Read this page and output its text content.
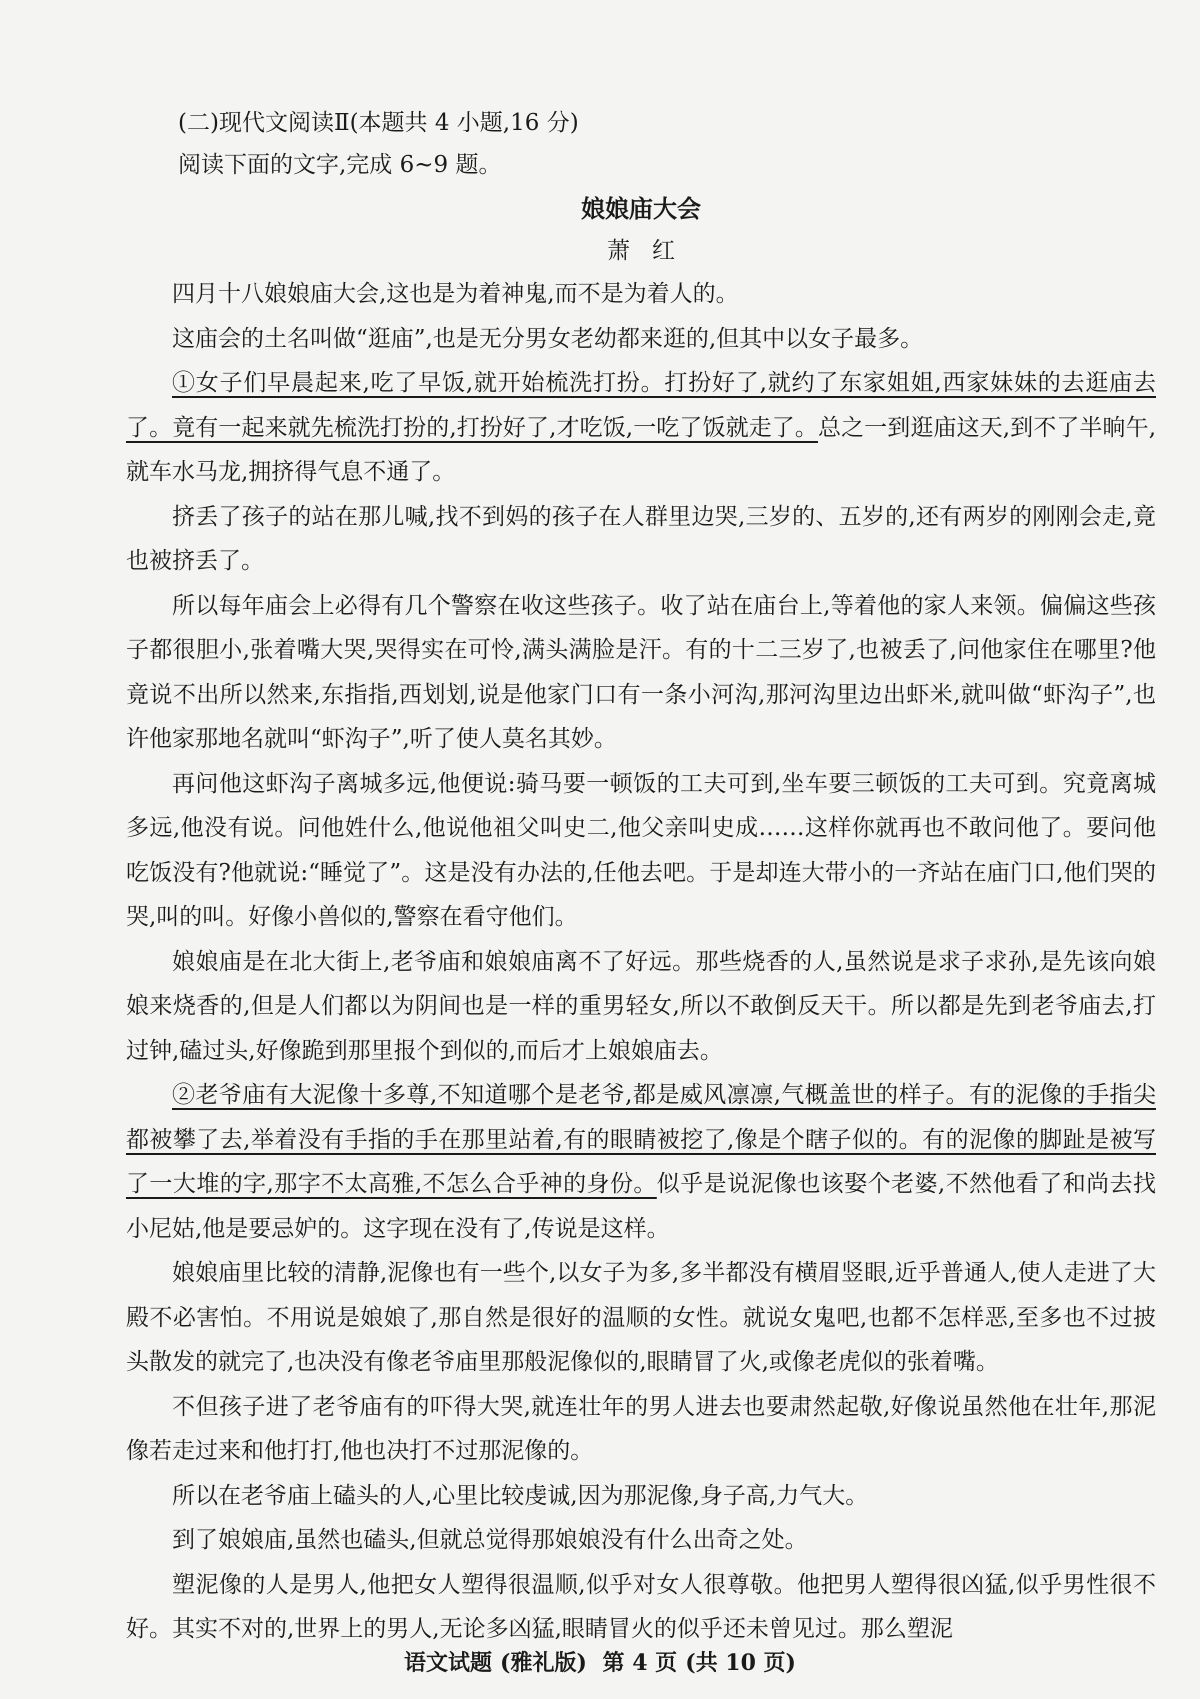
(二)现代文阅读Ⅱ(本题共 4 小题,16 分)
阅读下面的文字,完成 6~9 题。
娘娘庙大会
萧红

四月十八娘娘庙大会,这也是为着神鬼,而不是为着人的。

这庙会的土名叫做“逛庙”,也是无分男女老幼都来逛的,但其中以女子最多。

①女子们早晨起来,吃了早饭,就开始梳洗打扮。打扮好了,就约了东家姐姐,西家妹妹的去逛庙去了。竟有一起来就先梳洗打扮的,打扮好了,才吃饭,一吃了饭就走了。总之一到逛庙这天,到不了半晌午,就车水马龙,拥挤得气息不通了。

挤丢了孩子的站在那儿喊,找不到妈的孩子在人群里边哭,三岁的、五岁的,还有两岁的刚刚会走,竟也被挤丢了。

所以每年庙会上必得有几个警察在收这些孩子。收了站在庙台上,等着他的家人来领。偏偏这些孩子都很胆小,张着嘴大哭,哭得实在可怜,满头满脸是汗。有的十二三岁了,也被丢了,问他家住在哪里?他竟说不出所以然来,东指指,西划划,说是他家门口有一条小河沟,那河沟里边出虾米,就叫做“虾沟子”,也许他家那地名就叫“虾沟子”,听了使人莫名其妙。

再问他这虾沟子离城多远,他便说:骑马要一顿饭的工夫可到,坐车要三顿饭的工夫可到。究竟离城多远,他没有说。问他姓什么,他说他祖父叫史二,他父亲叫史成……这样你就再也不敢问他了。要问他吃饭没有?他就说:“睡觉了”。这是没有办法的,任他去吧。于是却连大带小的一齐站在庙门口,他们哭的哭,叫的叫。好像小兽似的,警察在看守他们。

娘娘庙是在北大街上,老爷庙和娘娘庙离不了好远。那些烧香的人,虽然说是求子求孙,是先该向娘娘来烧香的,但是人们都以为阴间也是一样的重男轻女,所以不敢倒反天干。所以都是先到老爷庙去,打过钟,磕过头,好像跪到那里报个到似的,而后才上娘娘庙去。

②老爷庙有大泥像十多尊,不知道哪个是老爷,都是威风凛凛,气概盖世的样子。有的泥像的手指尖都被攀了去,举着没有手指的手在那里站着,有的眼睛被挖了,像是个瞎子似的。有的泥像的脚趾是被写了一大堆的字,那字不太高雅,不怎么合乎神的身份。似乎是说泥像也该娶个老婆,不然他看了和尚去找小尼姑,他是要忌妒的。这字现在没有了,传说是这样。

娘娘庙里比较的清静,泥像也有一些个,以女子为多,多半都没有横眉竖眼,近乎普通人,使人走进了大殿不必害怕。不用说是娘娘了,那自然是很好的温顺的女性。就说女鬼吧,也都不怎样恶,至多也不过披头散发的就完了,也决没有像老爷庙里那般泥像似的,眼睛冒了火,或像老虎似的张着嘴。

不但孩子进了老爷庙有的吓得大哭,就连壮年的男人进去也要肃然起敬,好像说虽然他在壮年,那泥像若走过来和他打打,他也决打不过那泥像的。

所以在老爷庙上磕头的人,心里比较虔诚,因为那泥像,身子高,力气大。

到了娘娘庙,虽然也磕头,但就总觉得那娘娘没有什么出奇之处。

塑泥像的人是男人,他把女人塑得很温顺,似乎对女人很尊敬。他把男人塑得很凶猛,似乎男性很不好。其实不对的,世界上的男人,无论多凶猛,眼睛冒火的似乎还未曾见过。那么塑泥

语文试题 (雅礼版) 第 4 页 (共 10 页)
